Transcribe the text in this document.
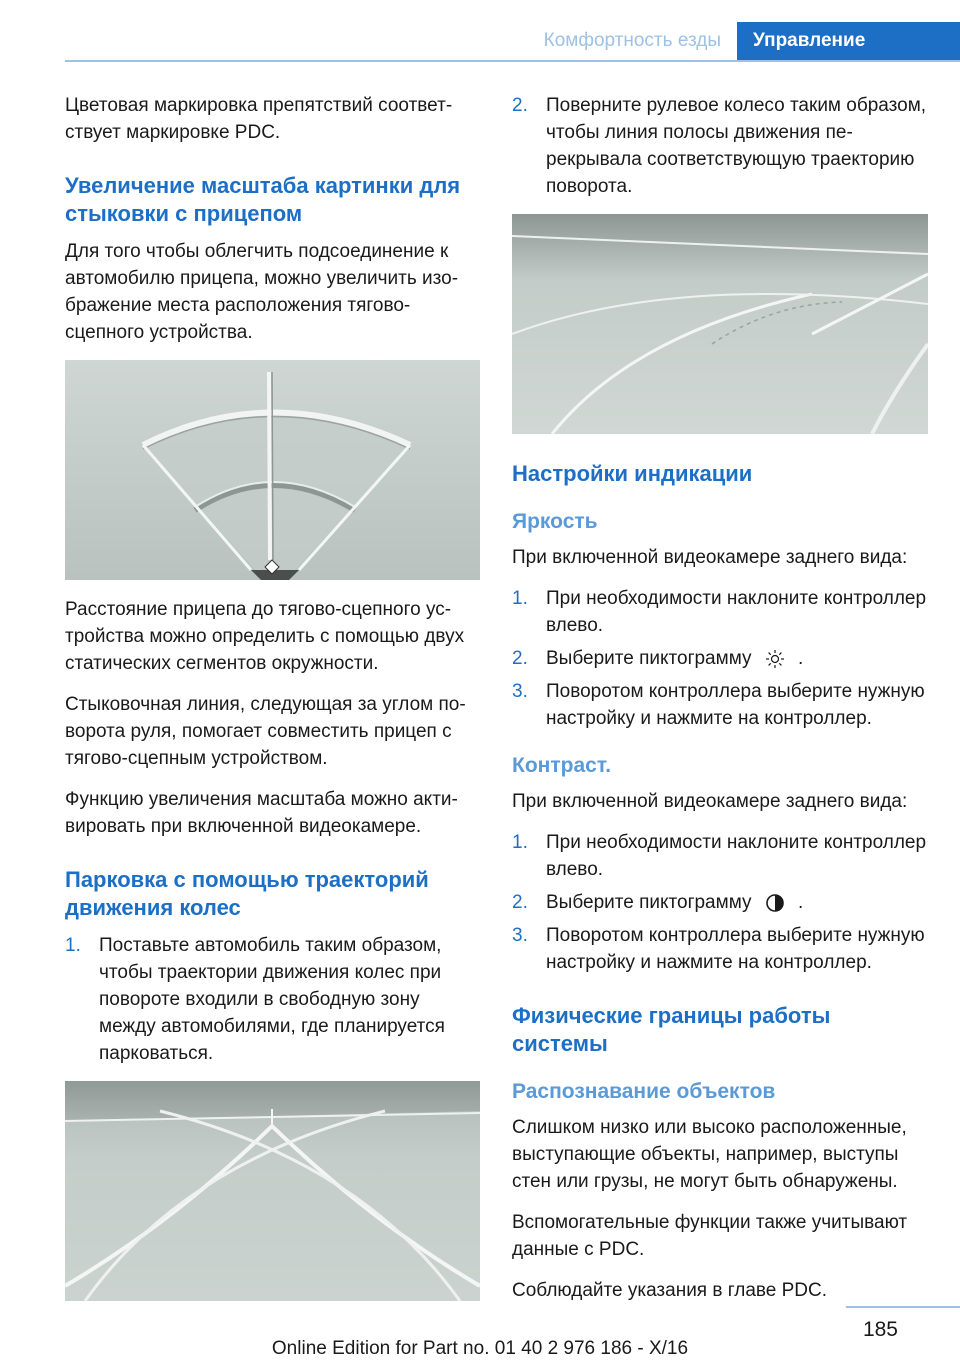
Комфортность езды	Управление

Цветовая маркировка препятствий соответствует маркировке PDC.

Увеличение масштаба картинки для стыковки с прицепом

Для того чтобы облегчить подсоединение к автомобилю прицепа, можно увеличить изображение места расположения тягово-сцепного устройства.

Расстояние прицепа до тягово-сцепного устройства можно определить с помощью двух статических сегментов окружности.

Стыковочная линия, следующая за углом поворота руля, помогает совместить прицеп с тягово-сцепным устройством.

Функцию увеличения масштаба можно активировать при включенной видеокамере.

Парковка с помощью траекторий движения колес
1. Поставьте автомобиль таким образом, чтобы траектории движения колес при повороте входили в свободную зону между автомобилями, где планируется парковаться.
2. Поверните рулевое колесо таким образом, чтобы линия полосы движения перекрывала соответствующую траекторию поворота.
Настройки индикации
Яркость

При включенной видеокамере заднего вида:

1. При необходимости наклоните контроллер влево.
2. Выберите пиктограмму .
3. Поворотом контроллера выберите нужную настройку и нажмите на контроллер.
Контраст.

При включенной видеокамере заднего вида:

1. При необходимости наклоните контроллер влево.
2. Выберите пиктограмму .
3. Поворотом контроллера выберите нужную настройку и нажмите на контроллер.
Физические границы работы системы
Распознавание объектов

Слишком низко или высоко расположенные, выступающие объекты, например, выступы стен или грузы, не могут быть обнаружены.

Вспомогательные функции также учитывают данные с PDC.

Соблюдайте указания в главе PDC.

185
Online Edition for Part no. 01 40 2 976 186 - X/16
